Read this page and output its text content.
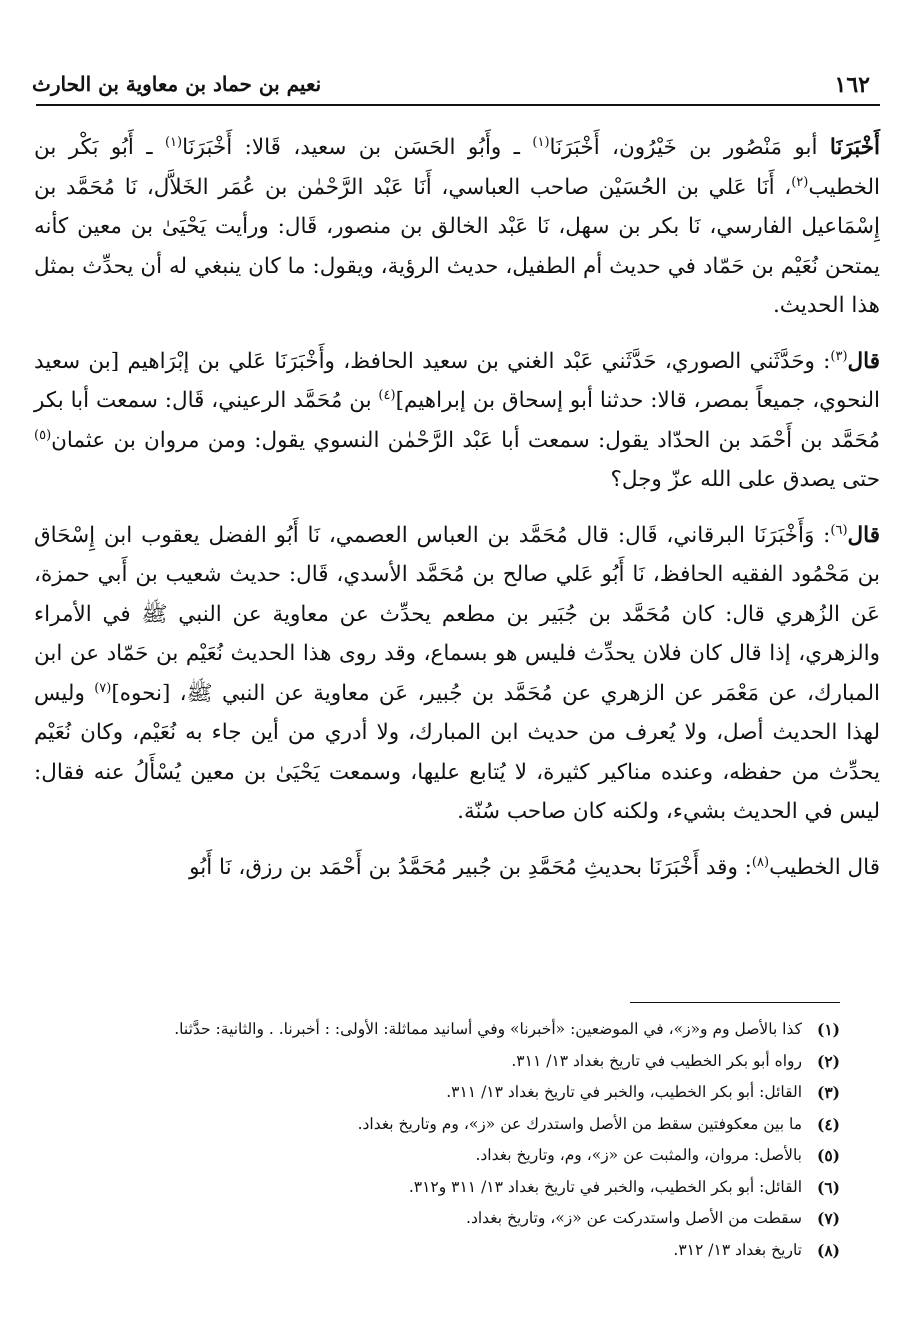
١٦٢
نعيم بن حماد بن معاوية بن الحارث

أَخْبَرَنَا أبو مَنْصُور بن خَيْرُون، أَخْبَرَنَا$^{(١)}$ ـ وأَبُو الحَسَن بن سعيد، قَالا: أَخْبَرَنَا$^{(١)}$ ـ أَبُو بَكْر بن الخطيب$^{(٢)}$، أَنَا عَلي بن الحُسَيْن صاحب العباسي، أَنَا عَبْد الرَّحْمٰن بن عُمَر الخَلاَّل، نَا مُحَمَّد بن إِسْمَاعيل الفارسي، نَا بكر بن سهل، نَا عَبْد الخالق بن منصور، قَال: ورأيت يَحْيَىٰ بن معين كأنه يمتحن نُعَيْم بن حَمّاد في حديث أم الطفيل، حديث الرؤية، ويقول: ما كان ينبغي له أن يحدِّث بمثل هذا الحديث.

قال$^{(٣)}$: وحَدَّثَني الصوري، حَدَّثَني عَبْد الغني بن سعيد الحافظ، وأَخْبَرَنَا عَلي بن إبْرَاهيم [بن سعيد النحوي، جميعاً بمصر، قالا: حدثنا أبو إسحاق بن إبراهيم]$^{(٤)}$ بن مُحَمَّد الرعيني، قَال: سمعت أبا بكر مُحَمَّد بن أَحْمَد بن الحدّاد يقول: سمعت أبا عَبْد الرَّحْمٰن النسوي يقول: ومن مروان بن عثمان$^{(٥)}$ حتى يصدق على الله عزّ وجل؟

قال$^{(٦)}$: وَأَخْبَرَنَا البرقاني، قَال: قال مُحَمَّد بن العباس العصمي، نَا أَبُو الفضل يعقوب ابن إِسْحَاق بن مَحْمُود الفقيه الحافظ، نَا أَبُو عَلي صالح بن مُحَمَّد الأسدي، قَال: حديث شعيب بن أَبي حمزة، عَن الزُهري قال: كان مُحَمَّد بن جُبَير بن مطعم يحدِّث عن معاوية عن النبي ﷺ في الأمراء والزهري، إذا قال كان فلان يحدِّث فليس هو بسماع، وقد روى هذا الحديث نُعَيْم بن حَمّاد عن ابن المبارك، عن مَعْمَر عن الزهري عن مُحَمَّد بن جُبير، عَن معاوية عن النبي ﷺ، [نحوه]$^{(٧)}$ وليس لهذا الحديث أصل، ولا يُعرف من حديث ابن المبارك، ولا أدري من أين جاء به نُعَيْم، وكان نُعَيْم يحدِّث من حفظه، وعنده مناكير كثيرة، لا يُتابع عليها، وسمعت يَحْيَىٰ بن معين يُسْأَلُ عنه فقال: ليس في الحديث بشيء، ولكنه كان صاحب سُنّة.

قال الخطيب$^{(٨)}$: وقد أَخْبَرَنَا بحديثِ مُحَمَّدِ بن جُبير مُحَمَّدُ بن أَحْمَد بن رزق، نَا أَبُو

(١)
كذا بالأصل وم و«ز»، في الموضعين: «أخبرنا» وفي أسانيد مماثلة: الأولى: : أخبرنا. . والثانية: حدَّثنا.
(٢)
رواه أبو بكر الخطيب في تاريخ بغداد ١٣/ ٣١١.
(٣)
القائل: أبو بكر الخطيب، والخبر في تاريخ بغداد ١٣/ ٣١١.
(٤)
ما بين معكوفتين سقط من الأصل واستدرك عن «ز»، وم وتاريخ بغداد.
(٥)
بالأصل: مروان، والمثبت عن «ز»، وم، وتاريخ بغداد.
(٦)
القائل: أبو بكر الخطيب، والخبر في تاريخ بغداد ١٣/ ٣١١ و٣١٢.
(٧)
سقطت من الأصل واستدركت عن «ز»، وتاريخ بغداد.
(٨)
تاريخ بغداد ١٣/ ٣١٢.
